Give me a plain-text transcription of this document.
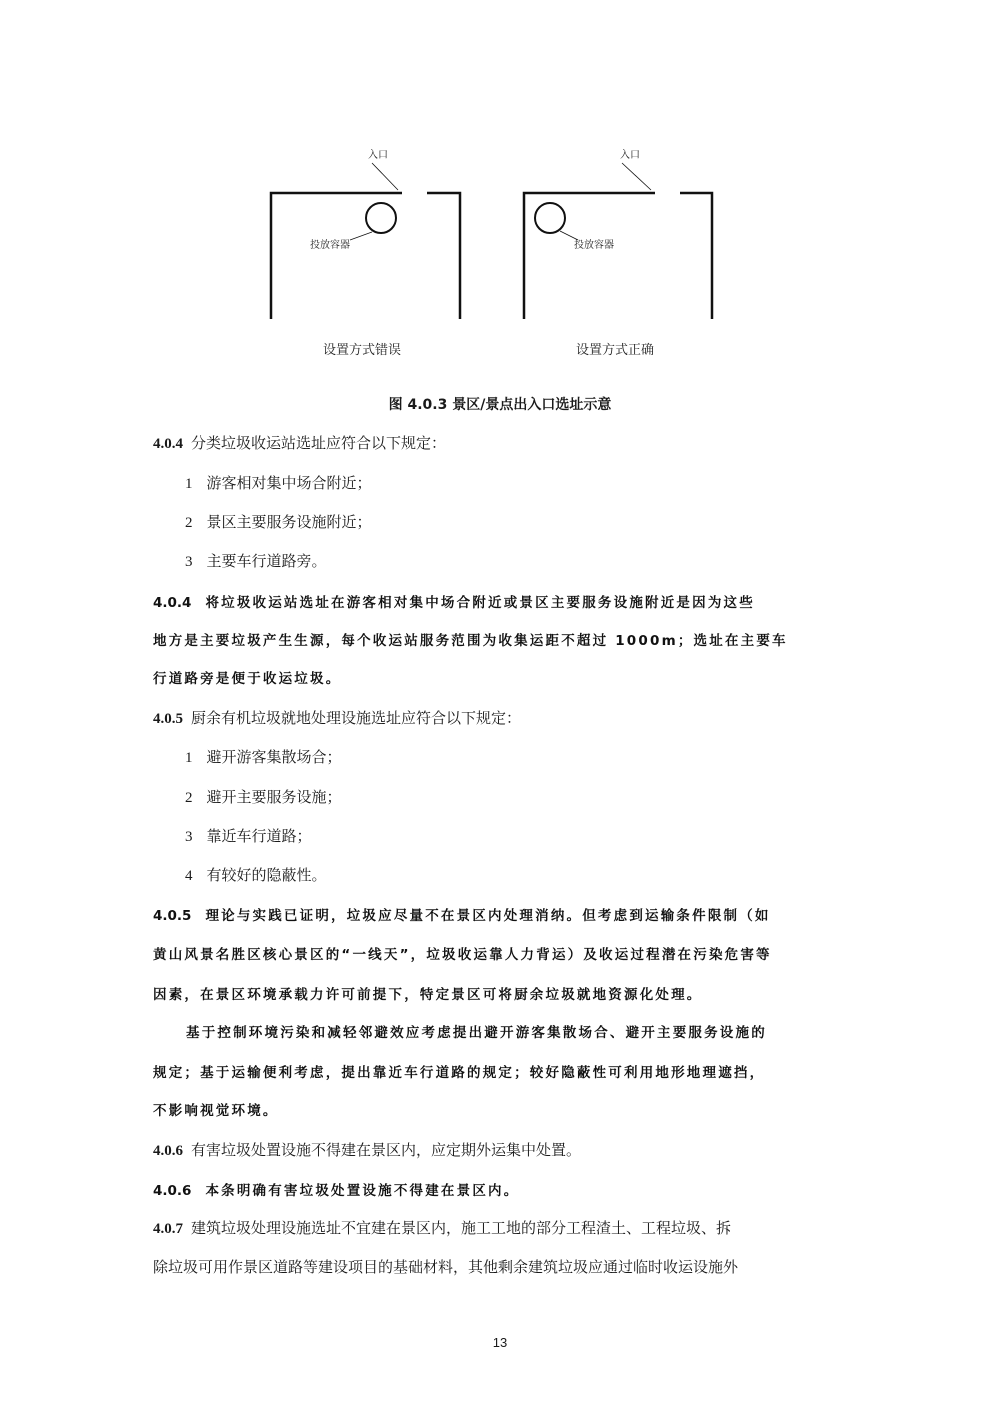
入口
投放容器
设置方式错误
入口
投放容器
设置方式正确
图 4.0.3 景区/景点出入口选址示意
4.0.4 分类垃圾收运站选址应符合以下规定：
1 游客相对集中场合附近；
2 景区主要服务设施附近；
3 主要车行道路旁。
4.0.4 将垃圾收运站选址在游客相对集中场合附近或景区主要服务设施附近是因为这些
地方是主要垃圾产生生源，每个收运站服务范围为收集运距不超过 1000m；选址在主要车
行道路旁是便于收运垃圾。
4.0.5 厨余有机垃圾就地处理设施选址应符合以下规定：
1 避开游客集散场合；
2 避开主要服务设施；
3 靠近车行道路；
4 有较好的隐蔽性。
4.0.5 理论与实践已证明，垃圾应尽量不在景区内处理消纳。但考虑到运输条件限制（如
黄山风景名胜区核心景区的“一线天”，垃圾收运靠人力背运）及收运过程潜在污染危害等
因素，在景区环境承载力许可前提下，特定景区可将厨余垃圾就地资源化处理。
基于控制环境污染和减轻邻避效应考虑提出避开游客集散场合、避开主要服务设施的
规定；基于运输便利考虑，提出靠近车行道路的规定；较好隐蔽性可利用地形地理遮挡，
不影响视觉环境。
4.0.6 有害垃圾处置设施不得建在景区内，应定期外运集中处置。
4.0.6 本条明确有害垃圾处置设施不得建在景区内。
4.0.7 建筑垃圾处理设施选址不宜建在景区内，施工工地的部分工程渣土、工程垃圾、拆
除垃圾可用作景区道路等建设项目的基础材料，其他剩余建筑垃圾应通过临时收运设施外
13
